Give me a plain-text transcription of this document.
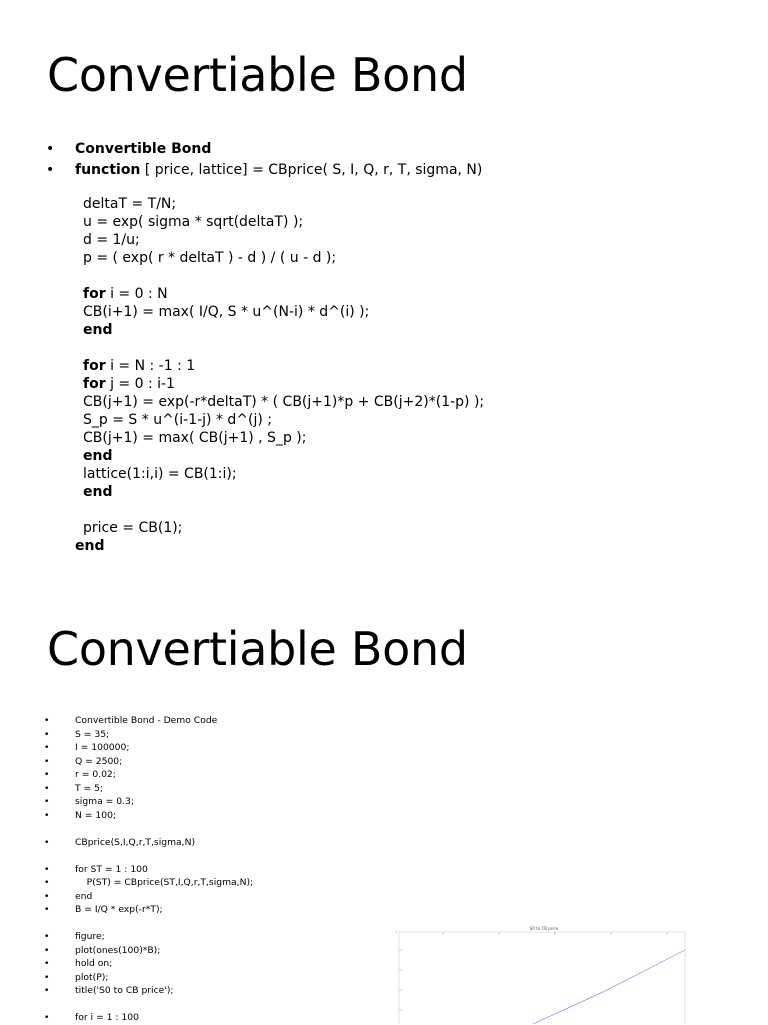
Convertiable Bond
• Convertible Bond
• function [ price, lattice] = CBprice( S, I, Q, r, T, sigma, N)
deltaT = T/N;
u = exp( sigma * sqrt(deltaT) );
d = 1/u;
p = ( exp( r * deltaT ) - d ) / ( u - d );
for i = 0 : N
CB(i+1) = max( I/Q, S * u^(N-i) * d^(i) );
end
for i = N : -1 : 1
for j = 0 : i-1
CB(j+1) = exp(-r*deltaT) * ( CB(j+1)*p + CB(j+2)*(1-p) );
S_p = S * u^(i-1-j) * d^(j) ;
CB(j+1) = max( CB(j+1) , S_p );
end
lattice(1:i,i) = CB(1:i);
end
price = CB(1);
end
Convertiable Bond
•	Convertible Bond - Demo Code
•	S = 35;
•	I = 100000;
•	Q = 2500;
•	r = 0.02;
•	T = 5;
•	sigma = 0.3;
•	N = 100;
•	CBprice(S,I,Q,r,T,sigma,N)
•	for ST = 1 : 100
•	P(ST) = CBprice(ST,I,Q,r,T,sigma,N);
•	end
•	B = I/Q * exp(-r*T);
•	figure;
•	plot(ones(100)*B);
•	hold on;
•	plot(P);
•	title('S0 to CB price');
•	for i = 1 : 100
S0 to CB price
1
